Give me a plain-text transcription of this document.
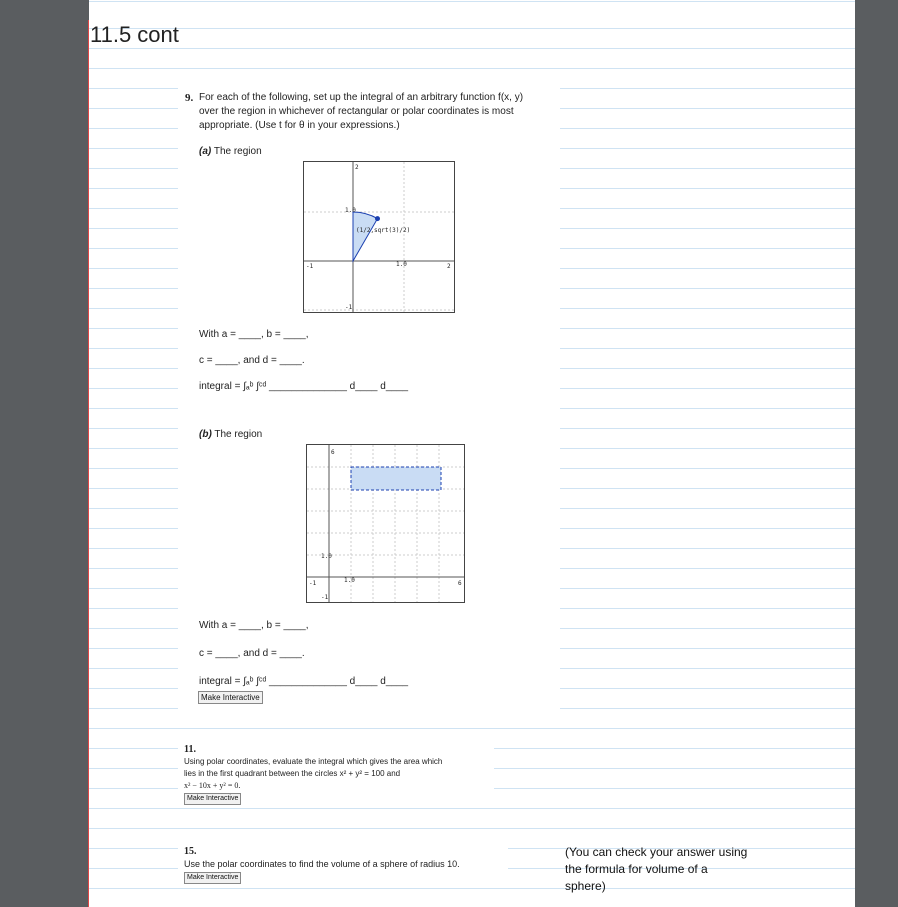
11.5 cont
9. For each of the following, set up the integral of an arbitrary function f(x, y)
over the region in whichever of rectangular or polar coordinates is most
appropriate. (Use t for θ in your expressions.)
(a) The region
2
1.0
-1
-1	1.0	2
(1/2,sqrt(3)/2)
With a = ____, b = ____,
c = ____, and d = ____.
integral = ∫ₐᵇ ∫ᶜᵈ ______________ d____ d____
(b) The region
6
1.0
-1
-1	1.0	6
With a = ____, b = ____,
c = ____, and d = ____.
integral = ∫ₐᵇ ∫ᶜᵈ ______________ d____ d____
Make Interactive
11.
Using polar coordinates, evaluate the integral which gives the area which
lies in the first quadrant between the circles x² + y² = 100 and
x² − 10x + y² = 0.
Make Interactive
15.
Use the polar coordinates to find the volume of a sphere of radius 10.
Make Interactive
(You can check your answer using
the formula for volume of a
sphere)
